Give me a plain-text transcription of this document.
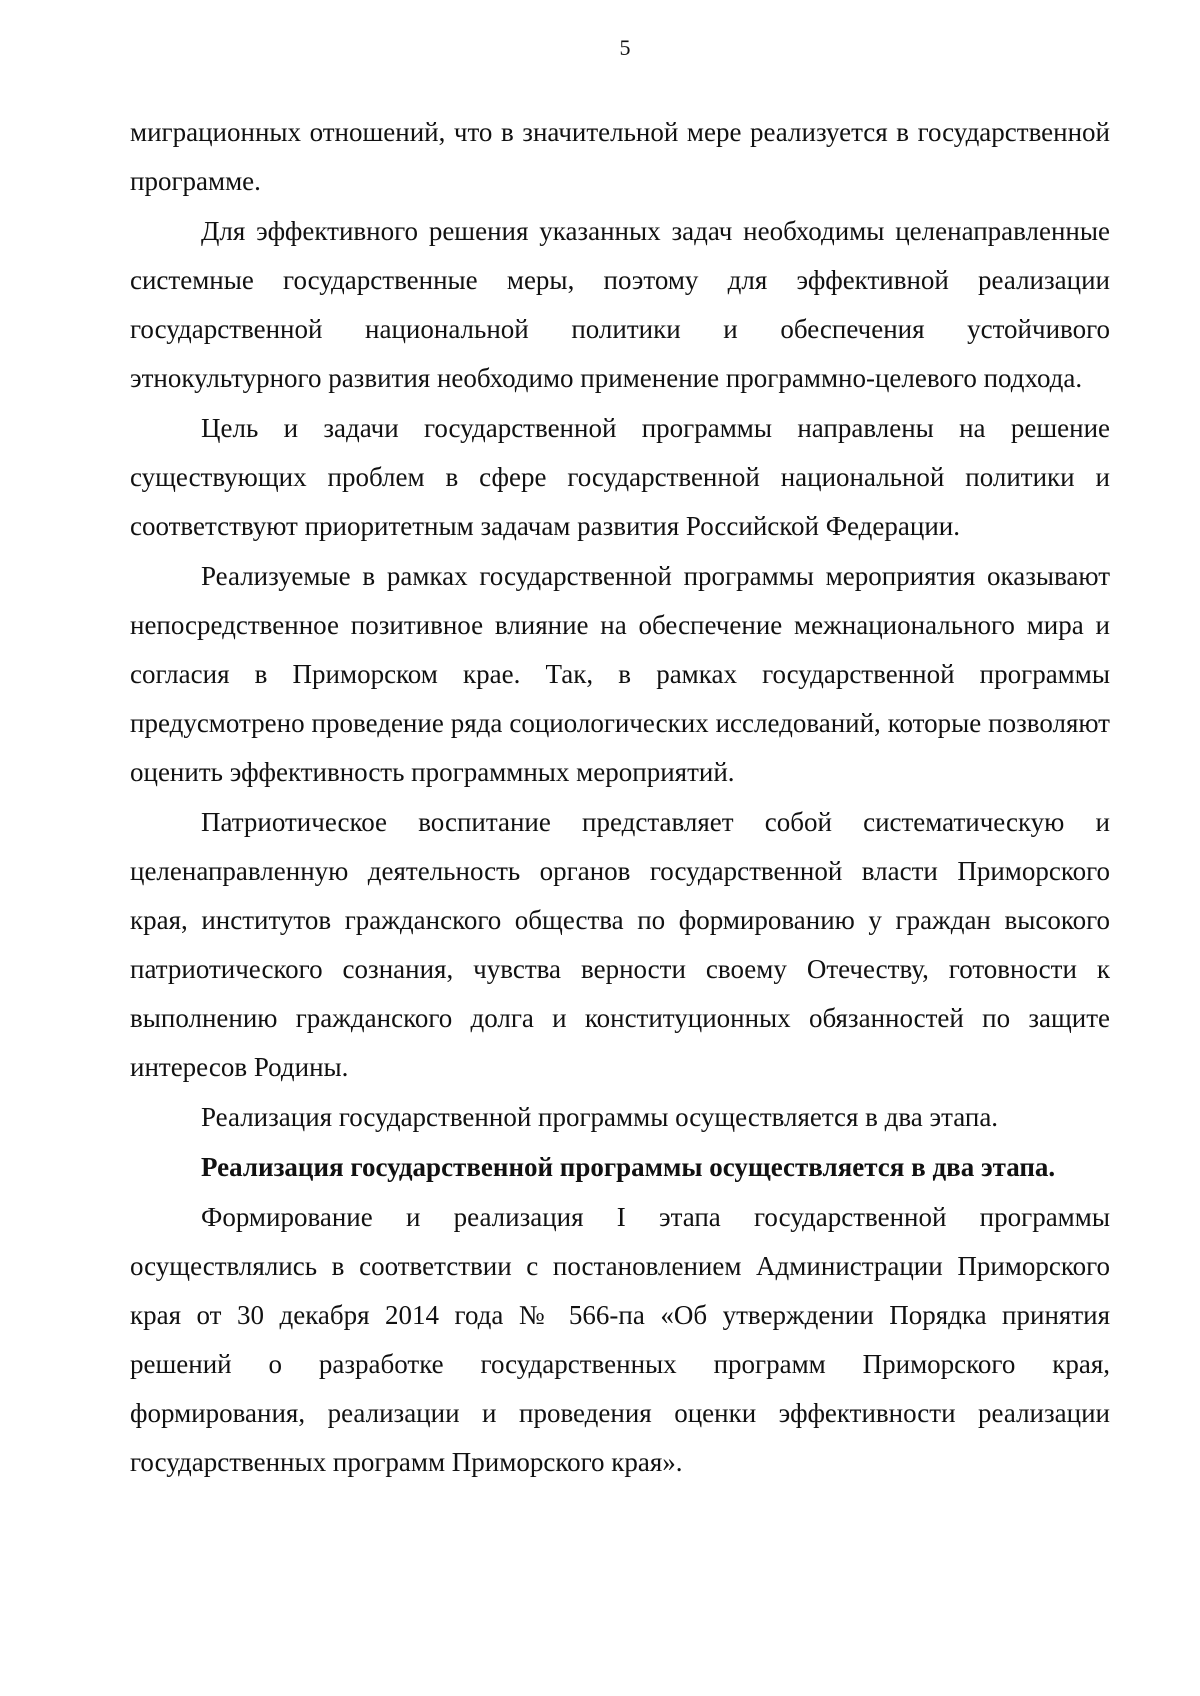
5

миграционных отношений, что в значительной мере реализуется в государственной программе.

Для эффективного решения указанных задач необходимы целенаправленные системные государственные меры, поэтому для эффективной реализации государственной национальной политики и обеспечения устойчивого этнокультурного развития необходимо применение программно-целевого подхода.

Цель и задачи государственной программы направлены на решение существующих проблем в сфере государственной национальной политики и соответствуют приоритетным задачам развития Российской Федерации.

Реализуемые в рамках государственной программы мероприятия оказывают непосредственное позитивное влияние на обеспечение межнационального мира и согласия в Приморском крае. Так, в рамках государственной программы предусмотрено проведение ряда социологических исследований, которые позволяют оценить эффективность программных мероприятий.

Патриотическое воспитание представляет собой систематическую и целенаправленную деятельность органов государственной власти Приморского края, институтов гражданского общества по формированию у граждан высокого патриотического сознания, чувства верности своему Отечеству, готовности к выполнению гражданского долга и конституционных обязанностей по защите интересов Родины.

Реализация государственной программы осуществляется в два этапа.

Реализация государственной программы осуществляется в два этапа.

Формирование и реализация I этапа государственной программы осуществлялись в соответствии с постановлением Администрации Приморского края от 30 декабря 2014 года № 566-па «Об утверждении Порядка принятия решений о разработке государственных программ Приморского края, формирования, реализации и проведения оценки эффективности реализации государственных программ Приморского края».
